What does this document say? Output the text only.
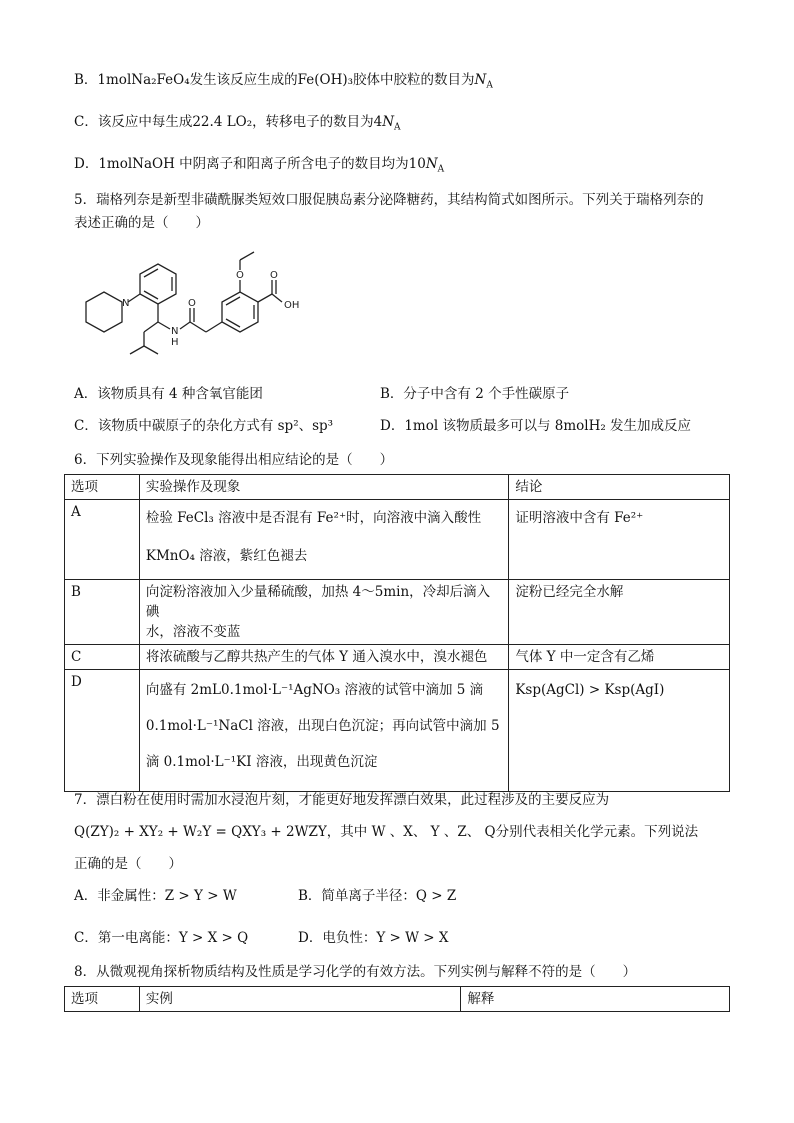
B．1molNa₂FeO₄发生该反应生成的Fe(OH)₃胶体中胶粒的数目为$N_A$
C．该反应中每生成22.4 LO₂，转移电子的数目为$4N_A$
D．1molNaOH 中阴离子和阳离子所含电子的数目均为$10N_A$
5．瑞格列奈是新型非磺酰脲类短效口服促胰岛素分泌降糖药，其结构简式如图所示。下列关于瑞格列奈的
表述正确的是（　　）
N
N
H
O
O	O
OH
A．该物质具有 4 种含氧官能团	B．分子中含有 2 个手性碳原子
C．该物质中碳原子的杂化方式有 sp²、sp³	D．1mol 该物质最多可以与 8molH₂ 发生加成反应
6．下列实验操作及现象能得出相应结论的是（　　）
选项	实验操作及现象	结论
A	检验 FeCl₃ 溶液中是否混有 Fe²⁺时，向溶液中滴入酸性
KMnO₄ 溶液，紫红色褪去	证明溶液中含有 Fe²⁺

B	向淀粉溶液加入少量稀硫酸，加热 4～5min，冷却后滴入碘
水，溶液不变蓝	淀粉已经完全水解
C	将浓硫酸与乙醇共热产生的气体 Y 通入溴水中，溴水褪色	气体 Y 中一定含有乙烯
D	向盛有 2mL0.1mol·L⁻¹AgNO₃ 溶液的试管中滴加 5 滴
0.1mol·L⁻¹NaCl 溶液，出现白色沉淀；再向试管中滴加 5
滴 0.1mol·L⁻¹KI 溶液，出现黄色沉淀	Ksp(AgCl) > Ksp(AgI)
7．漂白粉在使用时需加水浸泡片刻，才能更好地发挥漂白效果，此过程涉及的主要反应为
Q(ZY)₂ + XY₂ + W₂Y = QXY₃ + 2WZY，其中 W 、X、 Y 、Z、 Q分别代表相关化学元素。下列说法
正确的是（　　）
A．非金属性：Z > Y > W	B．简单离子半径：Q > Z
C．第一电离能：Y > X > Q	D．电负性：Y > W > X
8．从微观视角探析物质结构及性质是学习化学的有效方法。下列实例与解释不符的是（　　）
选项	实例	解释
